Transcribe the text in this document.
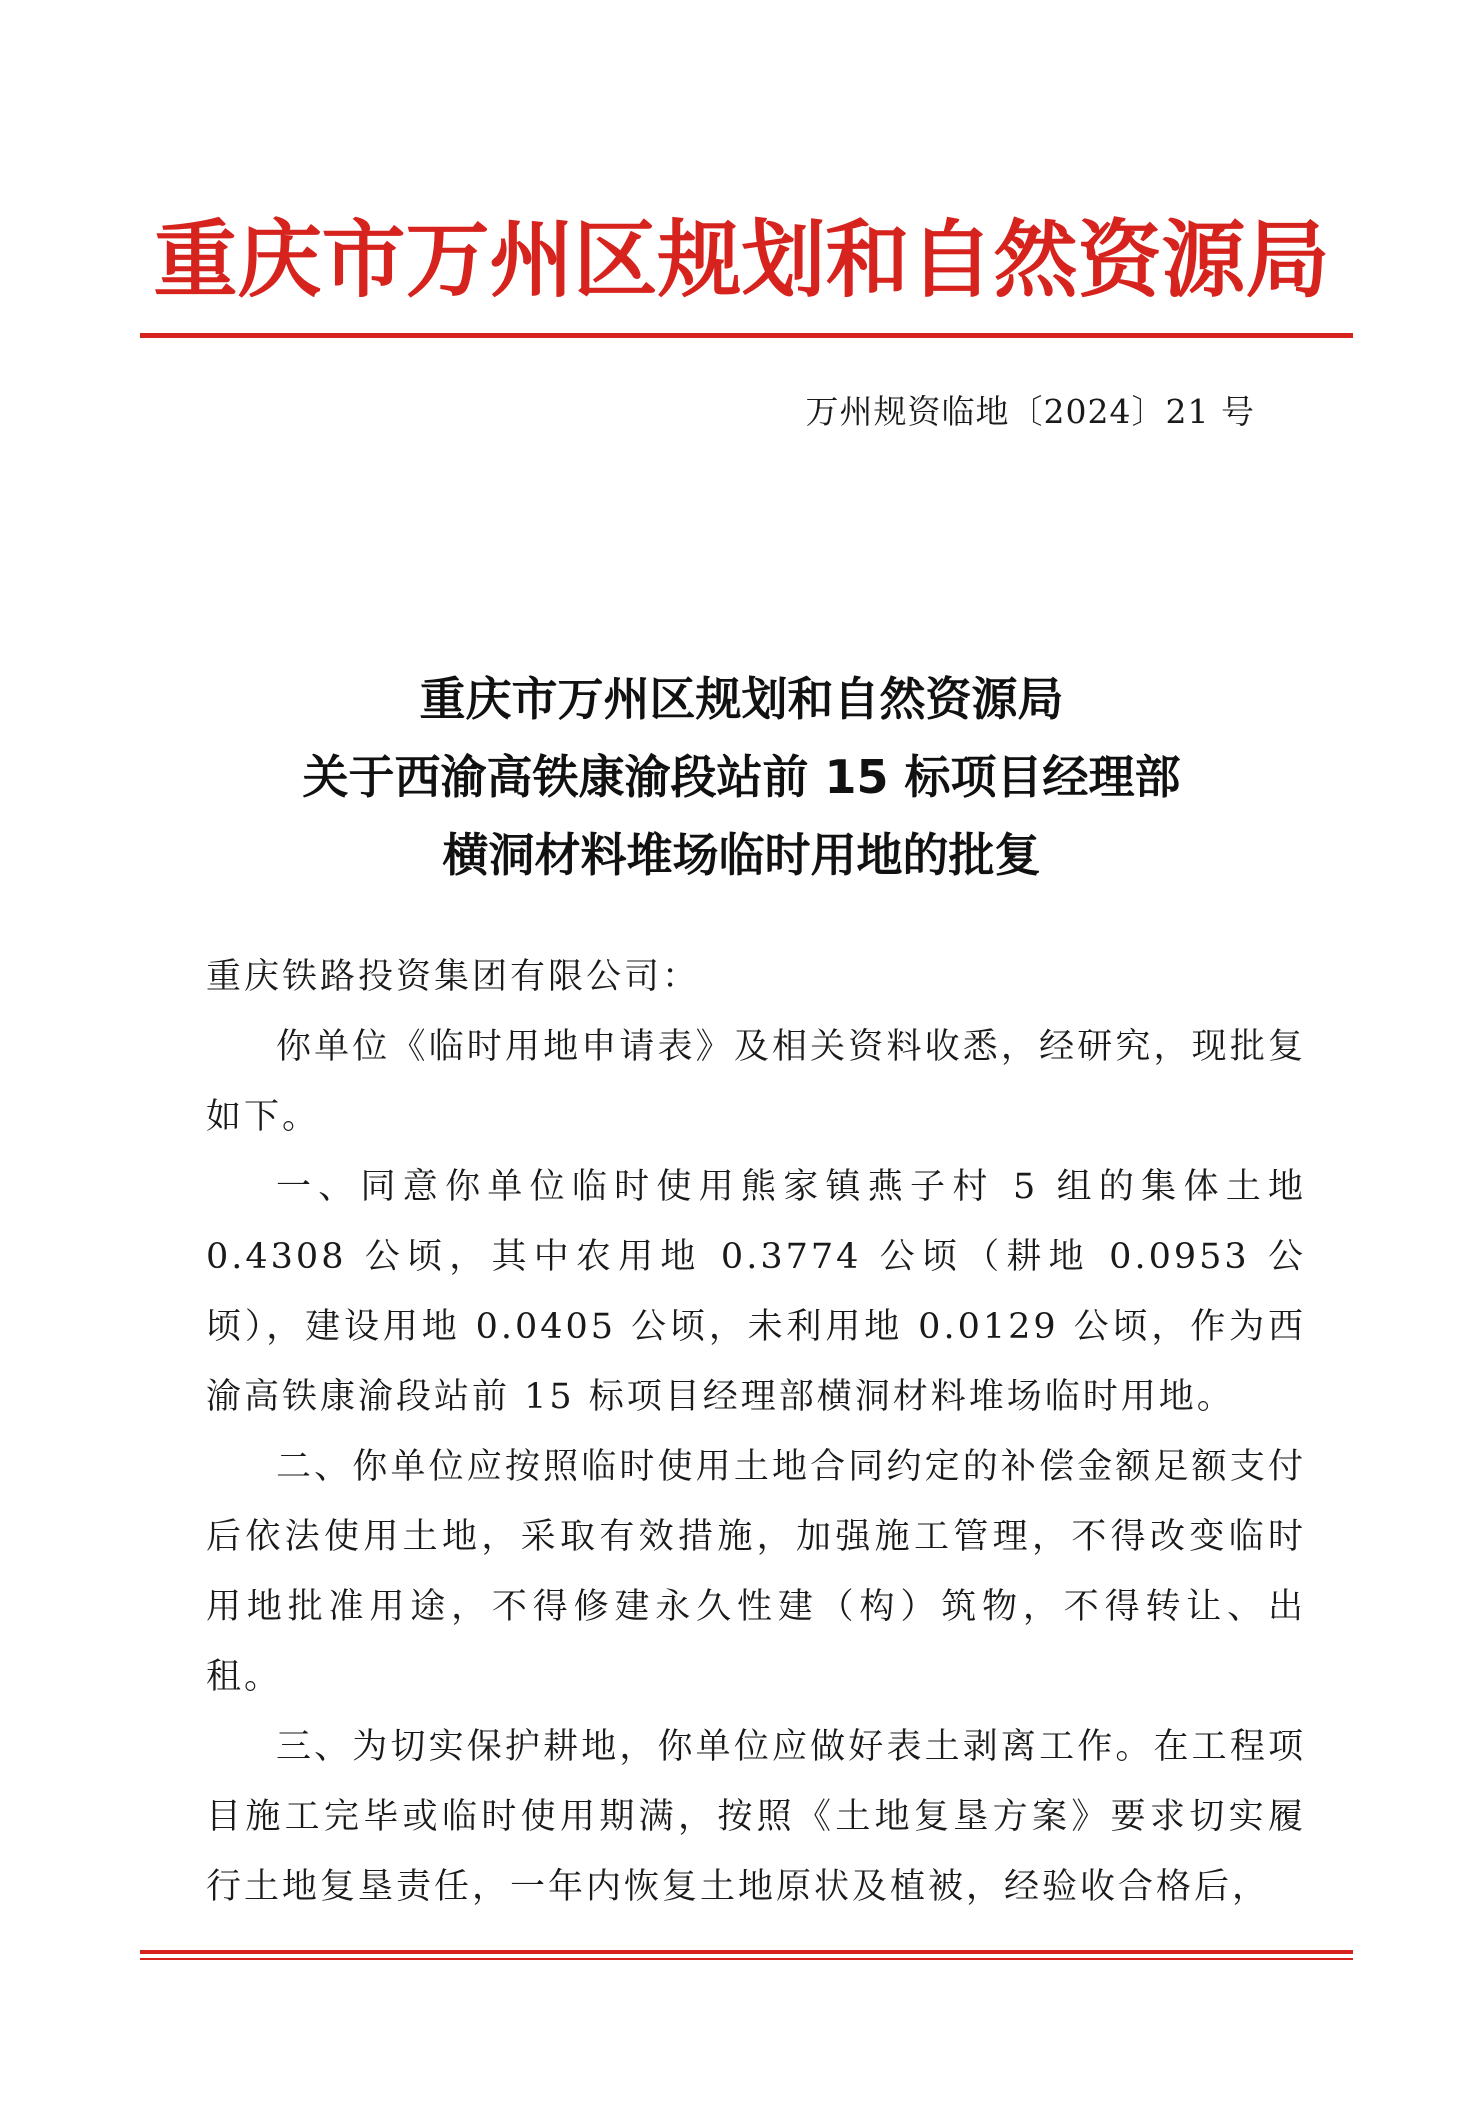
重庆市万州区规划和自然资源局
万州规资临地〔2024〕21 号
重庆市万州区规划和自然资源局
关于西渝高铁康渝段站前 15 标项目经理部
横洞材料堆场临时用地的批复

重庆铁路投资集团有限公司：

你单位《临时用地申请表》及相关资料收悉，经研究，现批复如下。

一、同意你单位临时使用熊家镇燕子村 5 组的集体土地 0.4308 公顷，其中农用地 0.3774 公顷（耕地 0.0953 公顷），建设用地 0.0405 公顷，未利用地 0.0129 公顷，作为西渝高铁康渝段站前 15 标项目经理部横洞材料堆场临时用地。

二、你单位应按照临时使用土地合同约定的补偿金额足额支付后依法使用土地，采取有效措施，加强施工管理，不得改变临时用地批准用途，不得修建永久性建（构）筑物，不得转让、出租。

三、为切实保护耕地，你单位应做好表土剥离工作。在工程项目施工完毕或临时使用期满，按照《土地复垦方案》要求切实履行土地复垦责任，一年内恢复土地原状及植被，经验收合格后，
